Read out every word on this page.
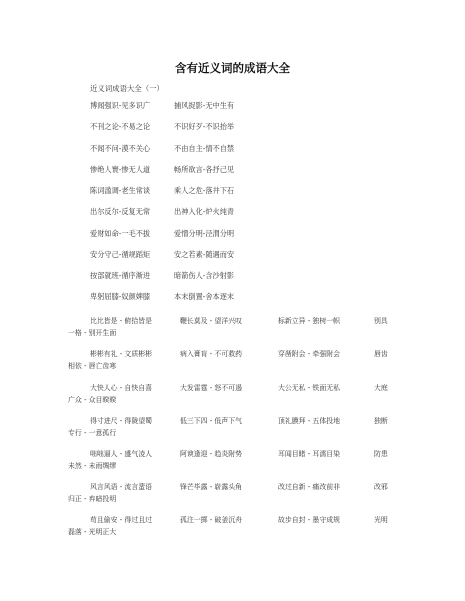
含有近义词的成语大全
近义词成语大全（一）
博闻强识-见多识广	捕风捉影-无中生有
不刊之论-不易之论	不识好歹-不识抬举
不闻不问-漠不关心	不由自主-情不自禁
惨绝人寰-惨无人道	畅所欲言-各抒己见
陈词滥调-老生常谈	乘人之危-落井下石
出尔反尔-反复无常	出神入化-炉火纯青
爱财如命-一毛不拔	爱憎分明-泾渭分明
安分守己-循规蹈矩	安之若素-随遇而安
按部就班-循序渐进	暗箭伤人-含沙射影
卑躬屈膝-奴颜婢膝	本末倒置-舍本逐末
比比皆是 - 俯拾皆是	鞭长莫及 - 望洋兴叹	标新立异 - 独树一帜	别具
一格 - 别开生面
彬彬有礼 - 文质彬彬	病入膏肓 - 不可救药	穿凿附会 - 牵强附会	唇齿
相依 - 唇亡齿寒
大快人心 - 自快自喜	大发雷霆 - 怒不可遏	大公无私 - 铁面无私	大庭
广众 - 众目睽睽
得寸进尺 - 得陇望蜀	低三下四 - 低声下气	顶礼膜拜 - 五体投地	独断
专行 - 一意孤行
咄咄逼人 - 盛气凌人	阿谀逢迎 - 趋炎附势	耳闻目睹 - 耳濡目染	防患
未然 - 未雨绸缪
风言风语 - 流言蜚语	锋芒毕露 - 崭露头角	改过自新 - 痛改前非	改邪
归正 - 弃暗投明
苟且偷安 - 得过且过	孤注一掷 - 破釜沉舟	故步自封 - 墨守成规	光明
磊落 - 光明正大
